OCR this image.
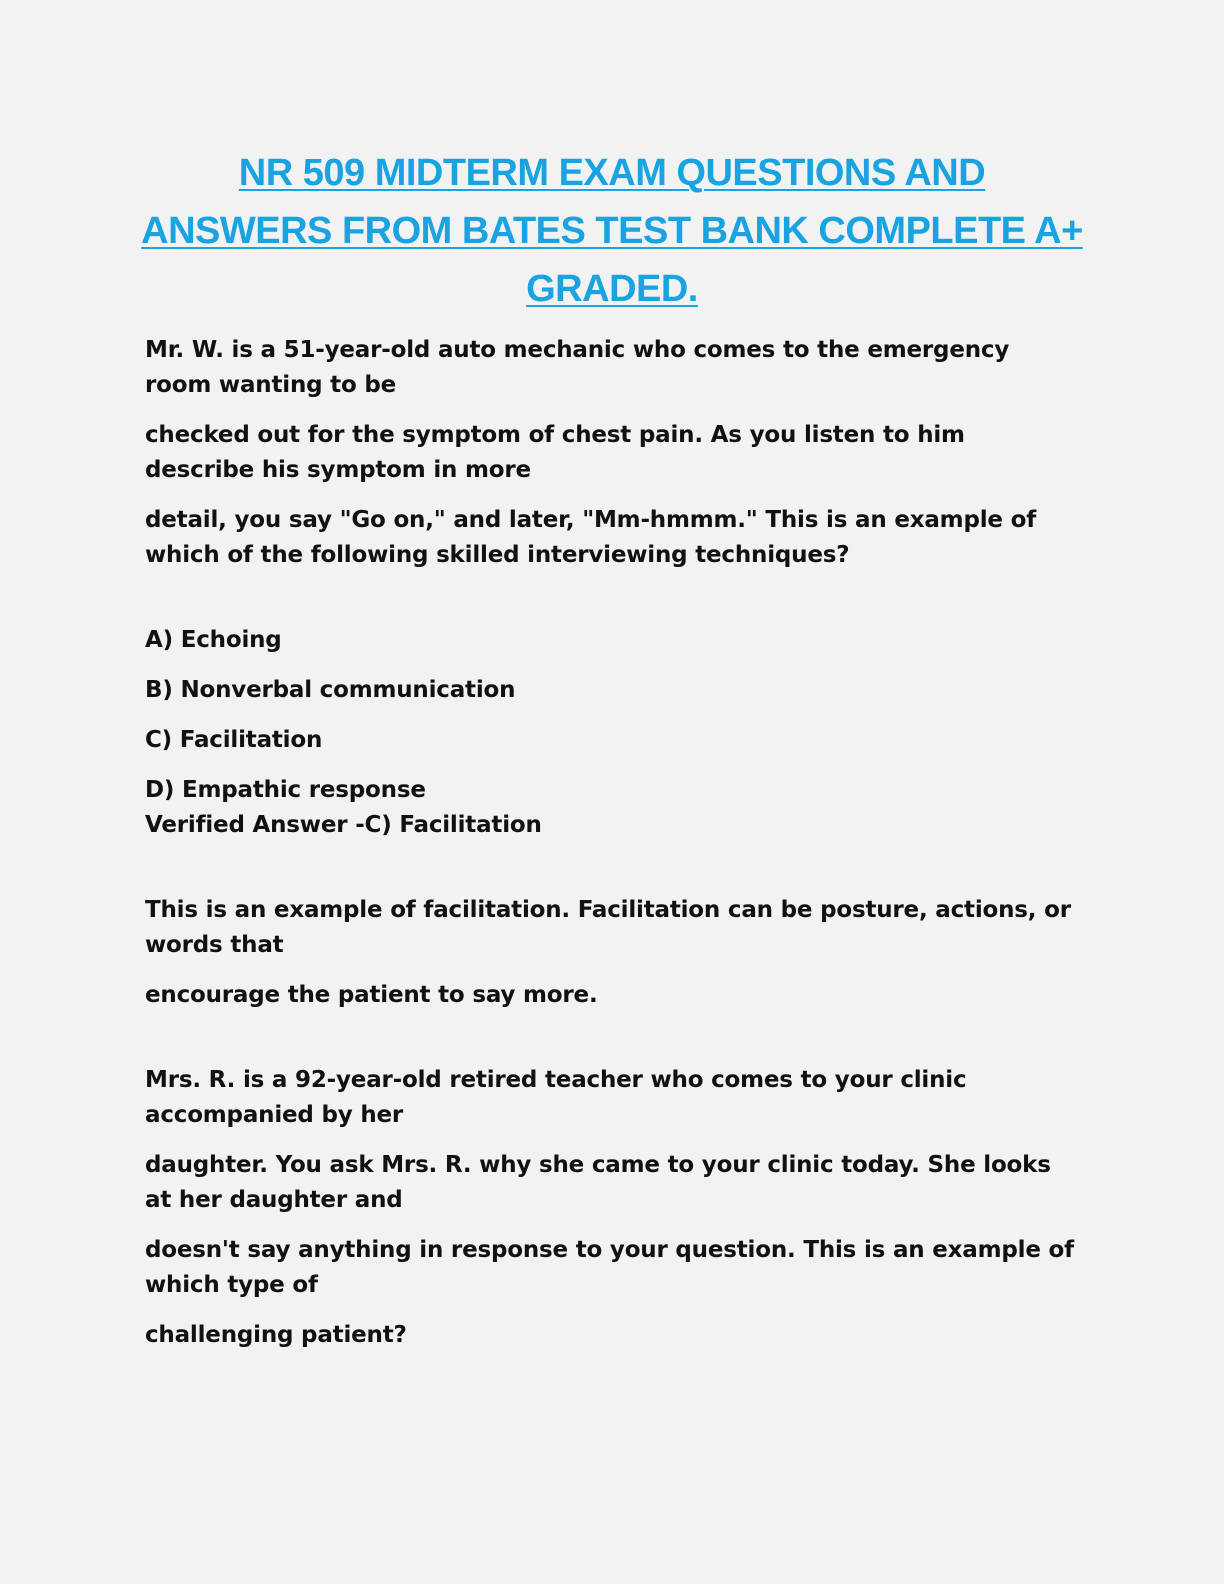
NR 509 MIDTERM EXAM QUESTIONS AND
ANSWERS FROM BATES TEST BANK COMPLETE A+
GRADED.

Mr. W. is a 51-year-old auto mechanic who comes to the emergency room wanting to be

checked out for the symptom of chest pain. As you listen to him describe his symptom in more

detail, you say "Go on," and later, "Mm-hmmm." This is an example of which of the following skilled interviewing techniques?

A) Echoing

B) Nonverbal communication

C) Facilitation

D) Empathic response

Verified Answer -C) Facilitation

This is an example of facilitation. Facilitation can be posture, actions, or words that

encourage the patient to say more.

Mrs. R. is a 92-year-old retired teacher who comes to your clinic accompanied by her

daughter. You ask Mrs. R. why she came to your clinic today. She looks at her daughter and

doesn't say anything in response to your question. This is an example of which type of

challenging patient?
